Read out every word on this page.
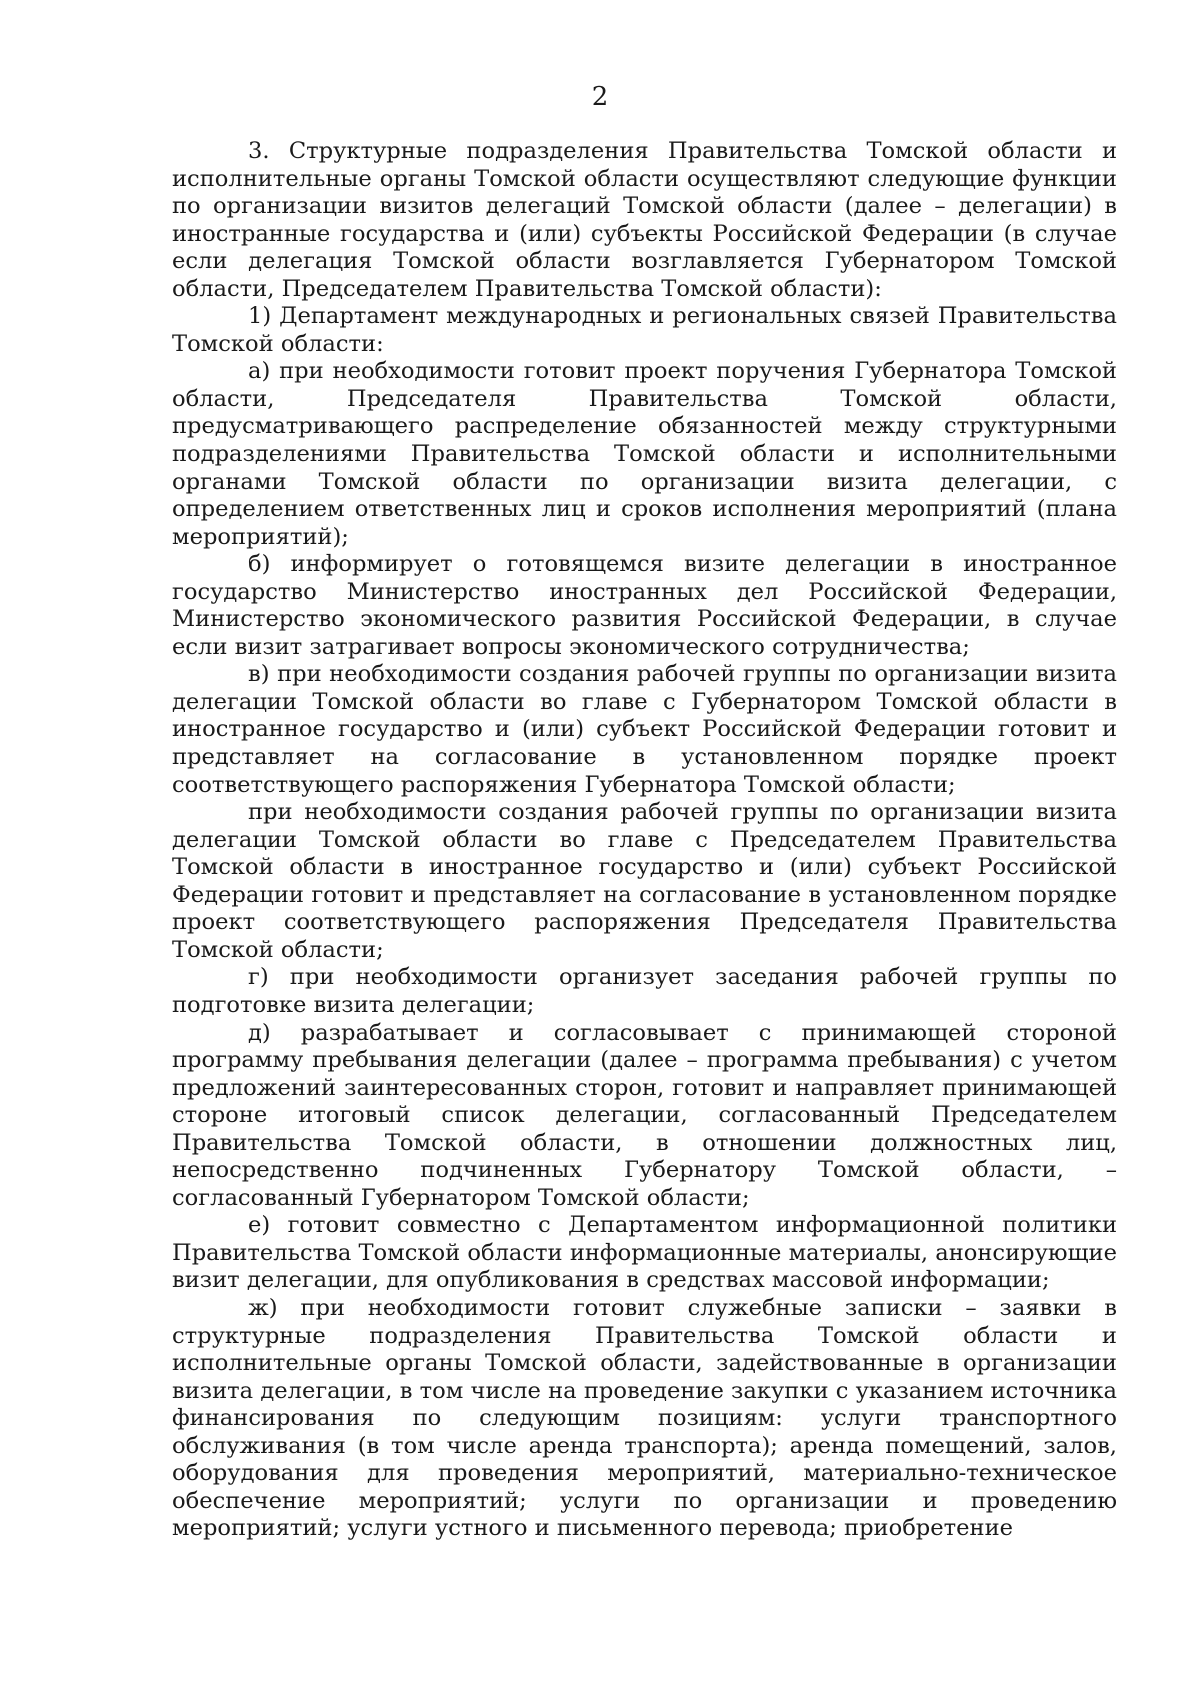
2

3. Структурные подразделения Правительства Томской области и исполнительные органы Томской области осуществляют следующие функции по организации визитов делегаций Томской области (далее – делегации) в иностранные государства и (или) субъекты Российской Федерации (в случае если делегация Томской области возглавляется Губернатором Томской области, Председателем Правительства Томской области):

1) Департамент международных и региональных связей Правительства Томской области:

а) при необходимости готовит проект поручения Губернатора Томской области, Председателя Правительства Томской области, предусматривающего распределение обязанностей между структурными подразделениями Правительства Томской области и исполнительными органами Томской области по организации визита делегации, с определением ответственных лиц и сроков исполнения мероприятий (плана мероприятий);

б) информирует о готовящемся визите делегации в иностранное государство Министерство иностранных дел Российской Федерации, Министерство экономического развития Российской Федерации, в случае если визит затрагивает вопросы экономического сотрудничества;

в) при необходимости создания рабочей группы по организации визита делегации Томской области во главе с Губернатором Томской области в иностранное государство и (или) субъект Российской Федерации готовит и представляет на согласование в установленном порядке проект соответствующего распоряжения Губернатора Томской области;

при необходимости создания рабочей группы по организации визита делегации Томской области во главе с Председателем Правительства Томской области в иностранное государство и (или) субъект Российской Федерации готовит и представляет на согласование в установленном порядке проект соответствующего распоряжения Председателя Правительства Томской области;

г) при необходимости организует заседания рабочей группы по подготовке визита делегации;

д) разрабатывает и согласовывает с принимающей стороной программу пребывания делегации (далее – программа пребывания) с учетом предложений заинтересованных сторон, готовит и направляет принимающей стороне итоговый список делегации, согласованный Председателем Правительства Томской области, в отношении должностных лиц, непосредственно подчиненных Губернатору Томской области, – согласованный Губернатором Томской области;

е) готовит совместно с Департаментом информационной политики Правительства Томской области информационные материалы, анонсирующие визит делегации, для опубликования в средствах массовой информации;

ж) при необходимости готовит служебные записки – заявки в структурные подразделения Правительства Томской области и исполнительные органы Томской области, задействованные в организации визита делегации, в том числе на проведение закупки с указанием источника финансирования по следующим позициям: услуги транспортного обслуживания (в том числе аренда транспорта); аренда помещений, залов, оборудования для проведения мероприятий, материально-техническое обеспечение мероприятий; услуги по организации и проведению мероприятий; услуги устного и письменного перевода; приобретение
